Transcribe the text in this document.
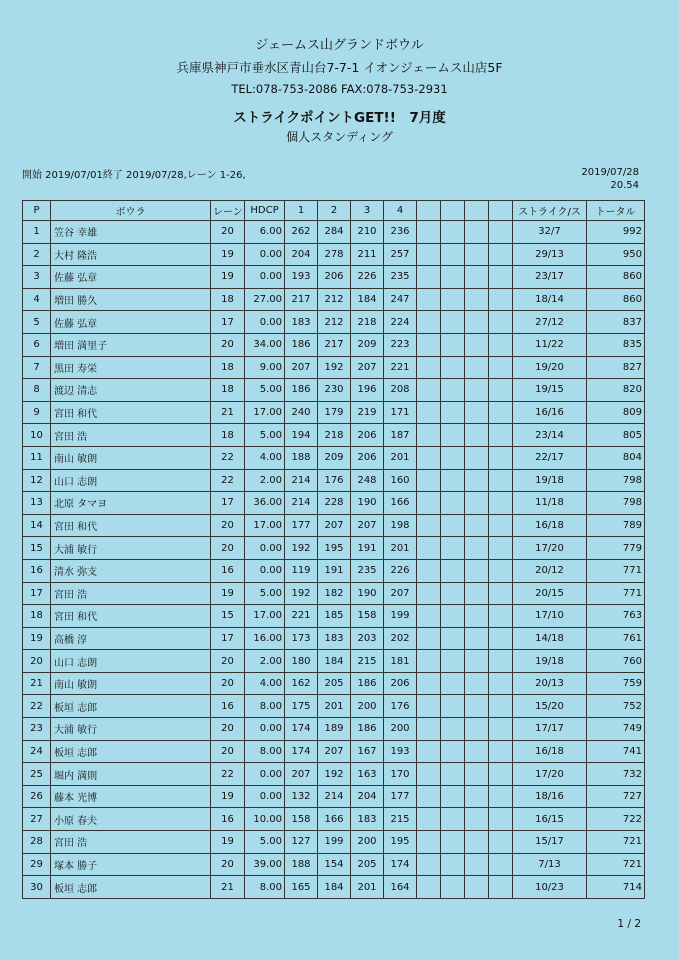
ジェームス山グランドボウル
兵庫県神戸市垂水区青山台7-7-1 イオンジェームス山店5F
TEL:078-753-2086 FAX:078-753-2931
ストライクポイントGET!!　7月度
個人スタンディング
開始 2019/07/01終了 2019/07/28,レーン 1-26,	2019/07/28
20.54
P	ボウラ	レーン	HDCP	1	2	3	4					ストライク/ス	トータル
1	笠谷 幸雄	20	6.00	262	284	210	236					32/7	992
2	大村 隆浩	19	0.00	204	278	211	257					29/13	950
3	佐藤 弘章	19	0.00	193	206	226	235					23/17	860
4	増田 勝久	18	27.00	217	212	184	247					18/14	860
5	佐藤 弘章	17	0.00	183	212	218	224					27/12	837
6	増田 満里子	20	34.00	186	217	209	223					11/22	835
7	黒田 寿栄	18	9.00	207	192	207	221					19/20	827
8	渡辺 清志	18	5.00	186	230	196	208					19/15	820
9	宮田 和代	21	17.00	240	179	219	171					16/16	809
10	宮田 浩	18	5.00	194	218	206	187					23/14	805
11	南山 敏朗	22	4.00	188	209	206	201					22/17	804
12	山口 志朗	22	2.00	214	176	248	160					19/18	798
13	北原 タマヨ	17	36.00	214	228	190	166					11/18	798
14	宮田 和代	20	17.00	177	207	207	198					16/18	789
15	大浦 敏行	20	0.00	192	195	191	201					17/20	779
16	清水 弥支	16	0.00	119	191	235	226					20/12	771
17	宮田 浩	19	5.00	192	182	190	207					20/15	771
18	宮田 和代	15	17.00	221	185	158	199					17/10	763
19	高橋 淳	17	16.00	173	183	203	202					14/18	761
20	山口 志朗	20	2.00	180	184	215	181					19/18	760
21	南山 敏朗	20	4.00	162	205	186	206					20/13	759
22	板垣 志郎	16	8.00	175	201	200	176					15/20	752
23	大浦 敏行	20	0.00	174	189	186	200					17/17	749
24	板垣 志郎	20	8.00	174	207	167	193					16/18	741
25	堀内 満則	22	0.00	207	192	163	170					17/20	732
26	藤本 光博	19	0.00	132	214	204	177					18/16	727
27	小原 春夫	16	10.00	158	166	183	215					16/15	722
28	宮田 浩	19	5.00	127	199	200	195					15/17	721
29	塚本 勝子	20	39.00	188	154	205	174					7/13	721
30	板垣 志郎	21	8.00	165	184	201	164					10/23	714
1 / 2
